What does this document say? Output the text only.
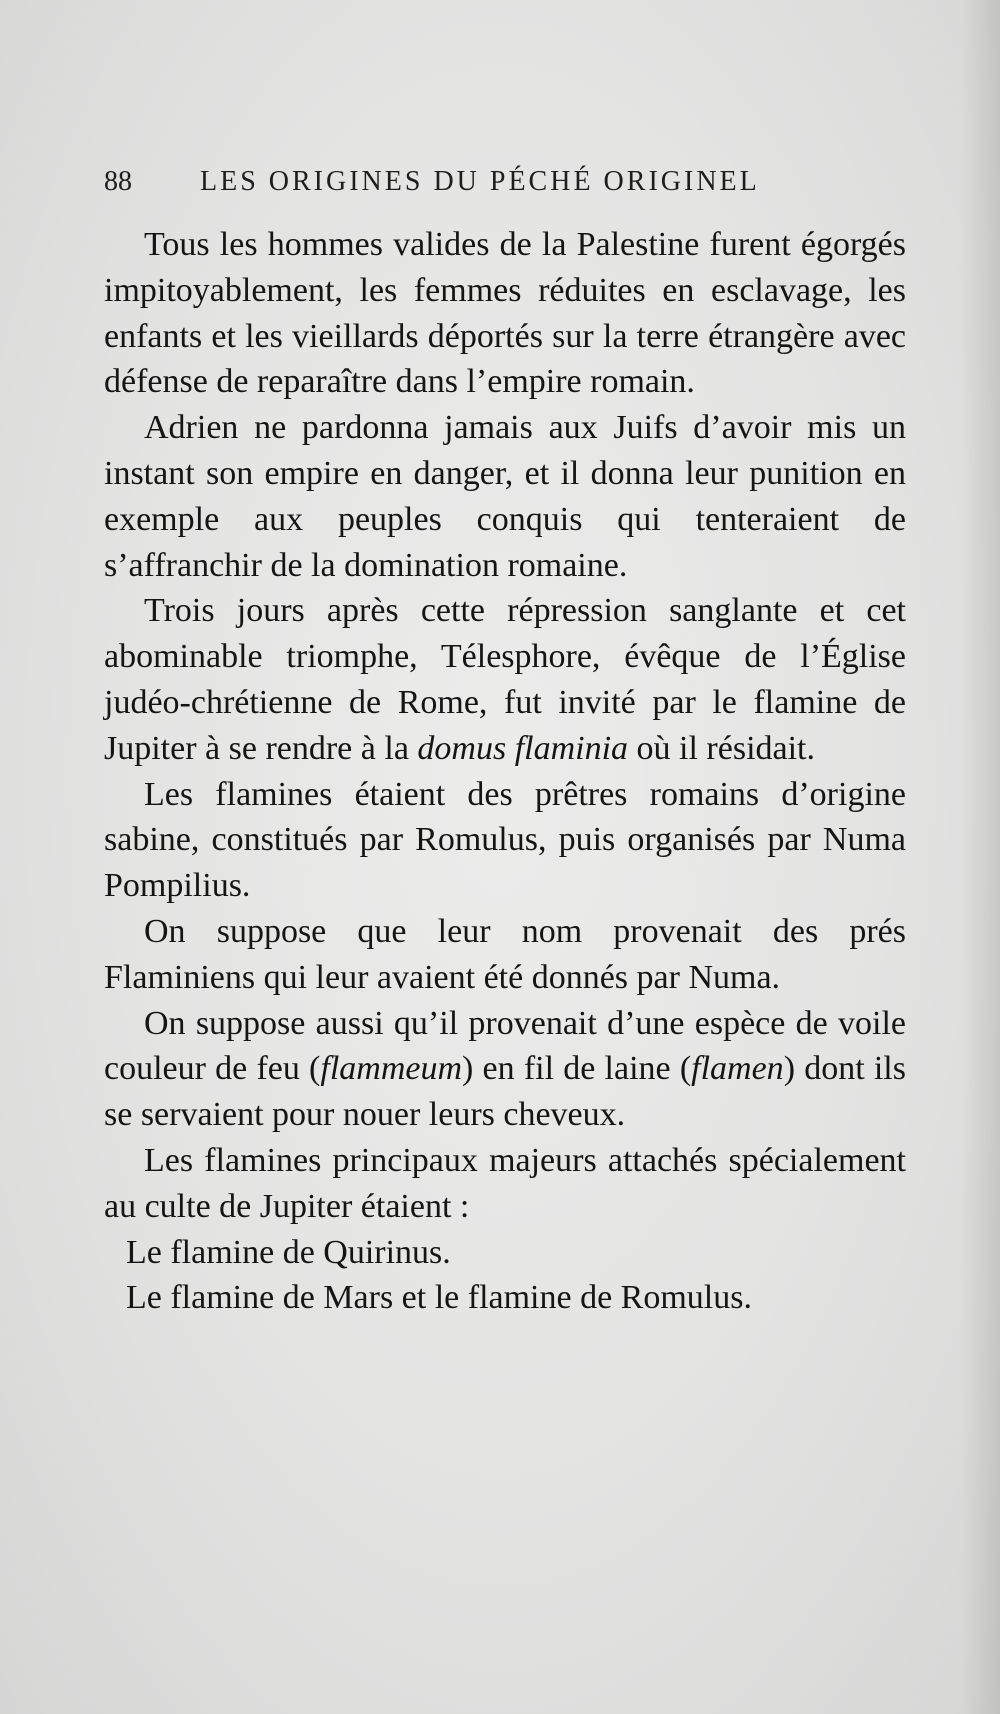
88 LES ORIGINES DU PÉCHÉ ORIGINEL

Tous les hommes valides de la Palestine furent égorgés impitoyablement, les femmes réduites en esclavage, les enfants et les vieillards déportés sur la terre étrangère avec défense de reparaître dans l’empire romain.

Adrien ne pardonna jamais aux Juifs d’avoir mis un instant son empire en danger, et il donna leur punition en exemple aux peuples conquis qui tenteraient de s’affranchir de la domination romaine.

Trois jours après cette répression sanglante et cet abominable triomphe, Télesphore, évêque de l’Église judéo-chrétienne de Rome, fut invité par le flamine de Jupiter à se rendre à la domus flaminia où il résidait.

Les flamines étaient des prêtres romains d’origine sabine, constitués par Romulus, puis organisés par Numa Pompilius.

On suppose que leur nom provenait des prés Flaminiens qui leur avaient été donnés par Numa.

On suppose aussi qu’il provenait d’une espèce de voile couleur de feu (flammeum) en fil de laine (flamen) dont ils se servaient pour nouer leurs cheveux.

Les flamines principaux majeurs attachés spécialement au culte de Jupiter étaient :

Le flamine de Quirinus.

Le flamine de Mars et le flamine de Romulus.
